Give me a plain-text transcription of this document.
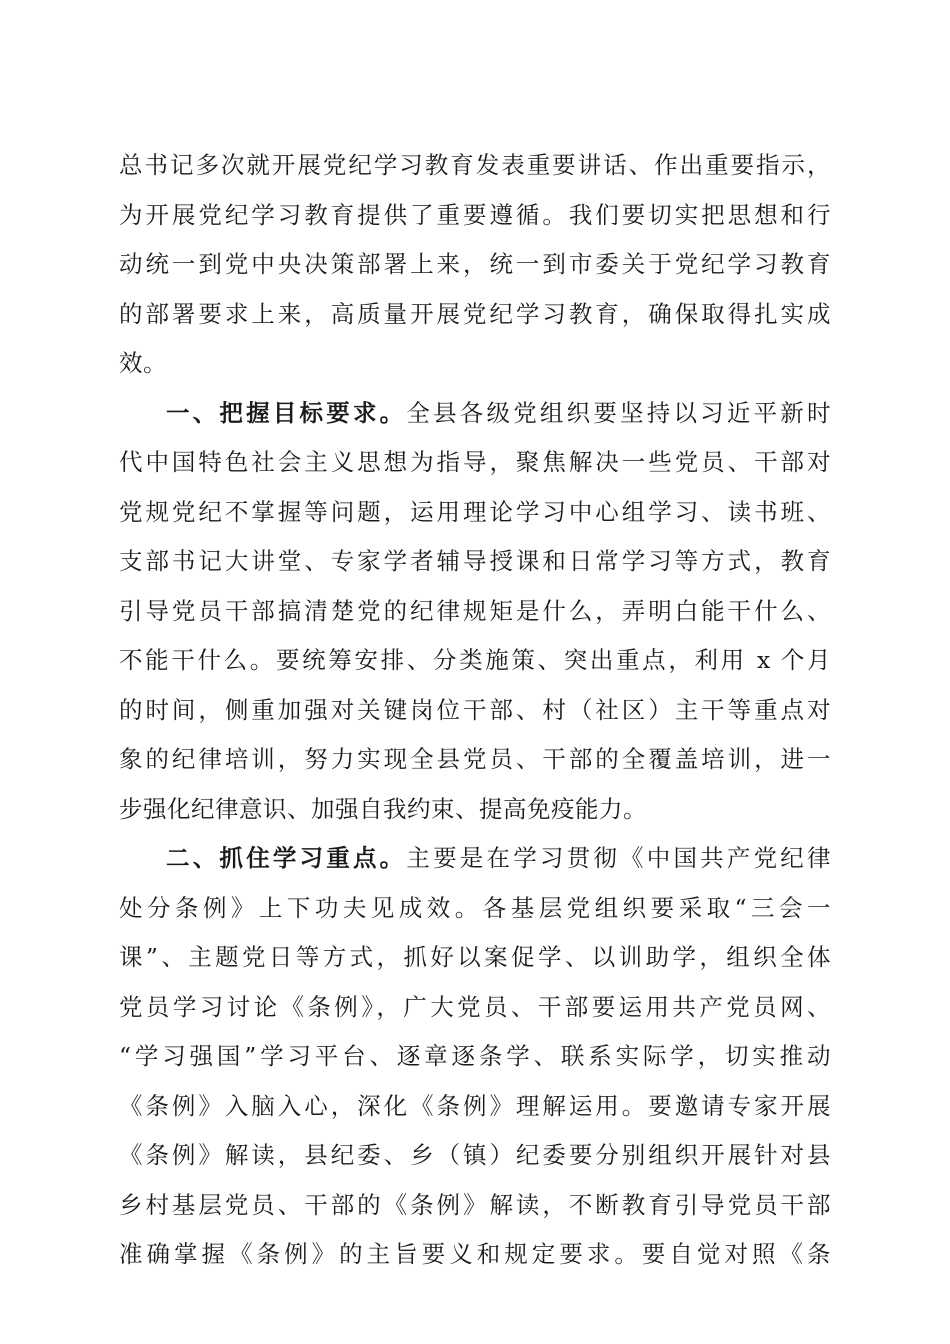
总书记多次就开展党纪学习教育发表重要讲话、作出重要指示，
为开展党纪学习教育提供了重要遵循。我们要切实把思想和行
动统一到党中央决策部署上来，统一到市委关于党纪学习教育
的部署要求上来，高质量开展党纪学习教育，确保取得扎实成
效。
一、把握目标要求。全县各级党组织要坚持以习近平新时
代中国特色社会主义思想为指导，聚焦解决一些党员、干部对
党规党纪不掌握等问题，运用理论学习中心组学习、读书班、
支部书记大讲堂、专家学者辅导授课和日常学习等方式，教育
引导党员干部搞清楚党的纪律规矩是什么，弄明白能干什么、
不能干什么。要统筹安排、分类施策、突出重点，利用 x 个月
的时间，侧重加强对关键岗位干部、村（社区）主干等重点对
象的纪律培训，努力实现全县党员、干部的全覆盖培训，进一
步强化纪律意识、加强自我约束、提高免疫能力。
二、抓住学习重点。主要是在学习贯彻《中国共产党纪律
处分条例》上下功夫见成效。各基层党组织要采取“三会一
课”、主题党日等方式，抓好以案促学、以训助学，组织全体
党员学习讨论《条例》，广大党员、干部要运用共产党员网、
“学习强国”学习平台、逐章逐条学、联系实际学，切实推动
《条例》入脑入心，深化《条例》理解运用。要邀请专家开展
《条例》解读，县纪委、乡（镇）纪委要分别组织开展针对县
乡村基层党员、干部的《条例》解读，不断教育引导党员干部
准确掌握《条例》的主旨要义和规定要求。要自觉对照《条
